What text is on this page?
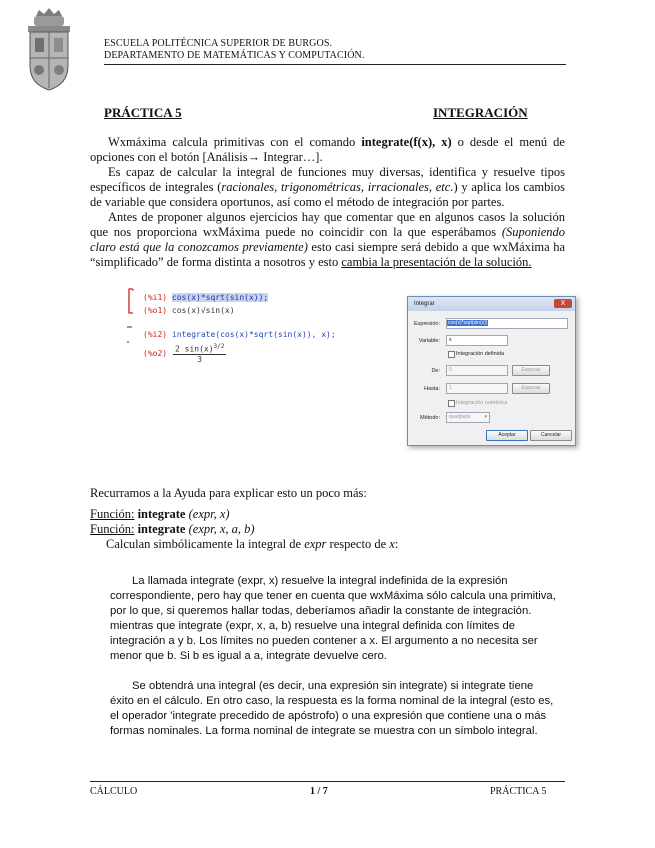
ESCUELA POLITÉCNICA SUPERIOR DE BURGOS.
DEPARTAMENTO DE MATEMÁTICAS Y COMPUTACIÓN.
PRÁCTICA 5	INTEGRACIÓN

Wxmáxima calcula primitivas con el comando integrate(f(x), x) o desde el menú de opciones con el botón [Análisis→ Integrar…].

Es capaz de calcular la integral de funciones muy diversas, identifica y resuelve tipos específicos de integrales (racionales, trigonométricas, irracionales, etc.) y aplica los cambios de variable que considera oportunos, así como el método de integración por partes.

Antes de proponer algunos ejercicios hay que comentar que en algunos casos la solución que nos proporciona wxMáxima puede no coincidir con la que esperábamos (Suponiendo claro está que la conozcamos previamente) esto casi siempre será debido a que wxMáxima ha “simplificado” de forma distinta a nosotros y esto cambia la presentación de la solución.

(%i1) cos(x)*sqrt(sin(x));
(%o1) cos(x)√sin(x)
(%i2) integrate(cos(x)*sqrt(sin(x)), x);
(%o2) 2 $\sin(x)^{3/2}$
3
Integrar	X
Expresión:	cos(x)*sqrt(sin(x))
Variable:	x
Integración definida
De:	0	Especial
Hasta:	1	Especial
Integración numérica
Método:	quadpack	▾
Aceptar	Cancelar
Recurramos a la Ayuda para explicar esto un poco más:
Función: integrate (expr, x)
Función: integrate (expr, x, a, b)
Calculan simbólicamente la integral de expr respecto de x:

La llamada integrate (expr, x) resuelve la integral indefinida de la expresión correspondiente, pero hay que tener en cuenta que wxMáxima sólo calcula una primitiva, por lo que, si queremos hallar todas, deberíamos añadir la constante de integración. mientras que integrate (expr, x, a, b) resuelve una integral definida con límites de integración a y b. Los límites no pueden contener a x. El argumento a no necesita ser menor que b. Si b es igual a a, integrate devuelve cero.

Se obtendrá una integral (es decir, una expresión sin integrate) si integrate tiene éxito en el cálculo. En otro caso, la respuesta es la forma nominal de la integral (esto es, el operador 'integrate precedido de apóstrofo) o una expresión que contiene una o más formas nominales. La forma nominal de integrate se muestra con un símbolo integral.

CÁLCULO	1 / 7	PRÁCTICA 5
